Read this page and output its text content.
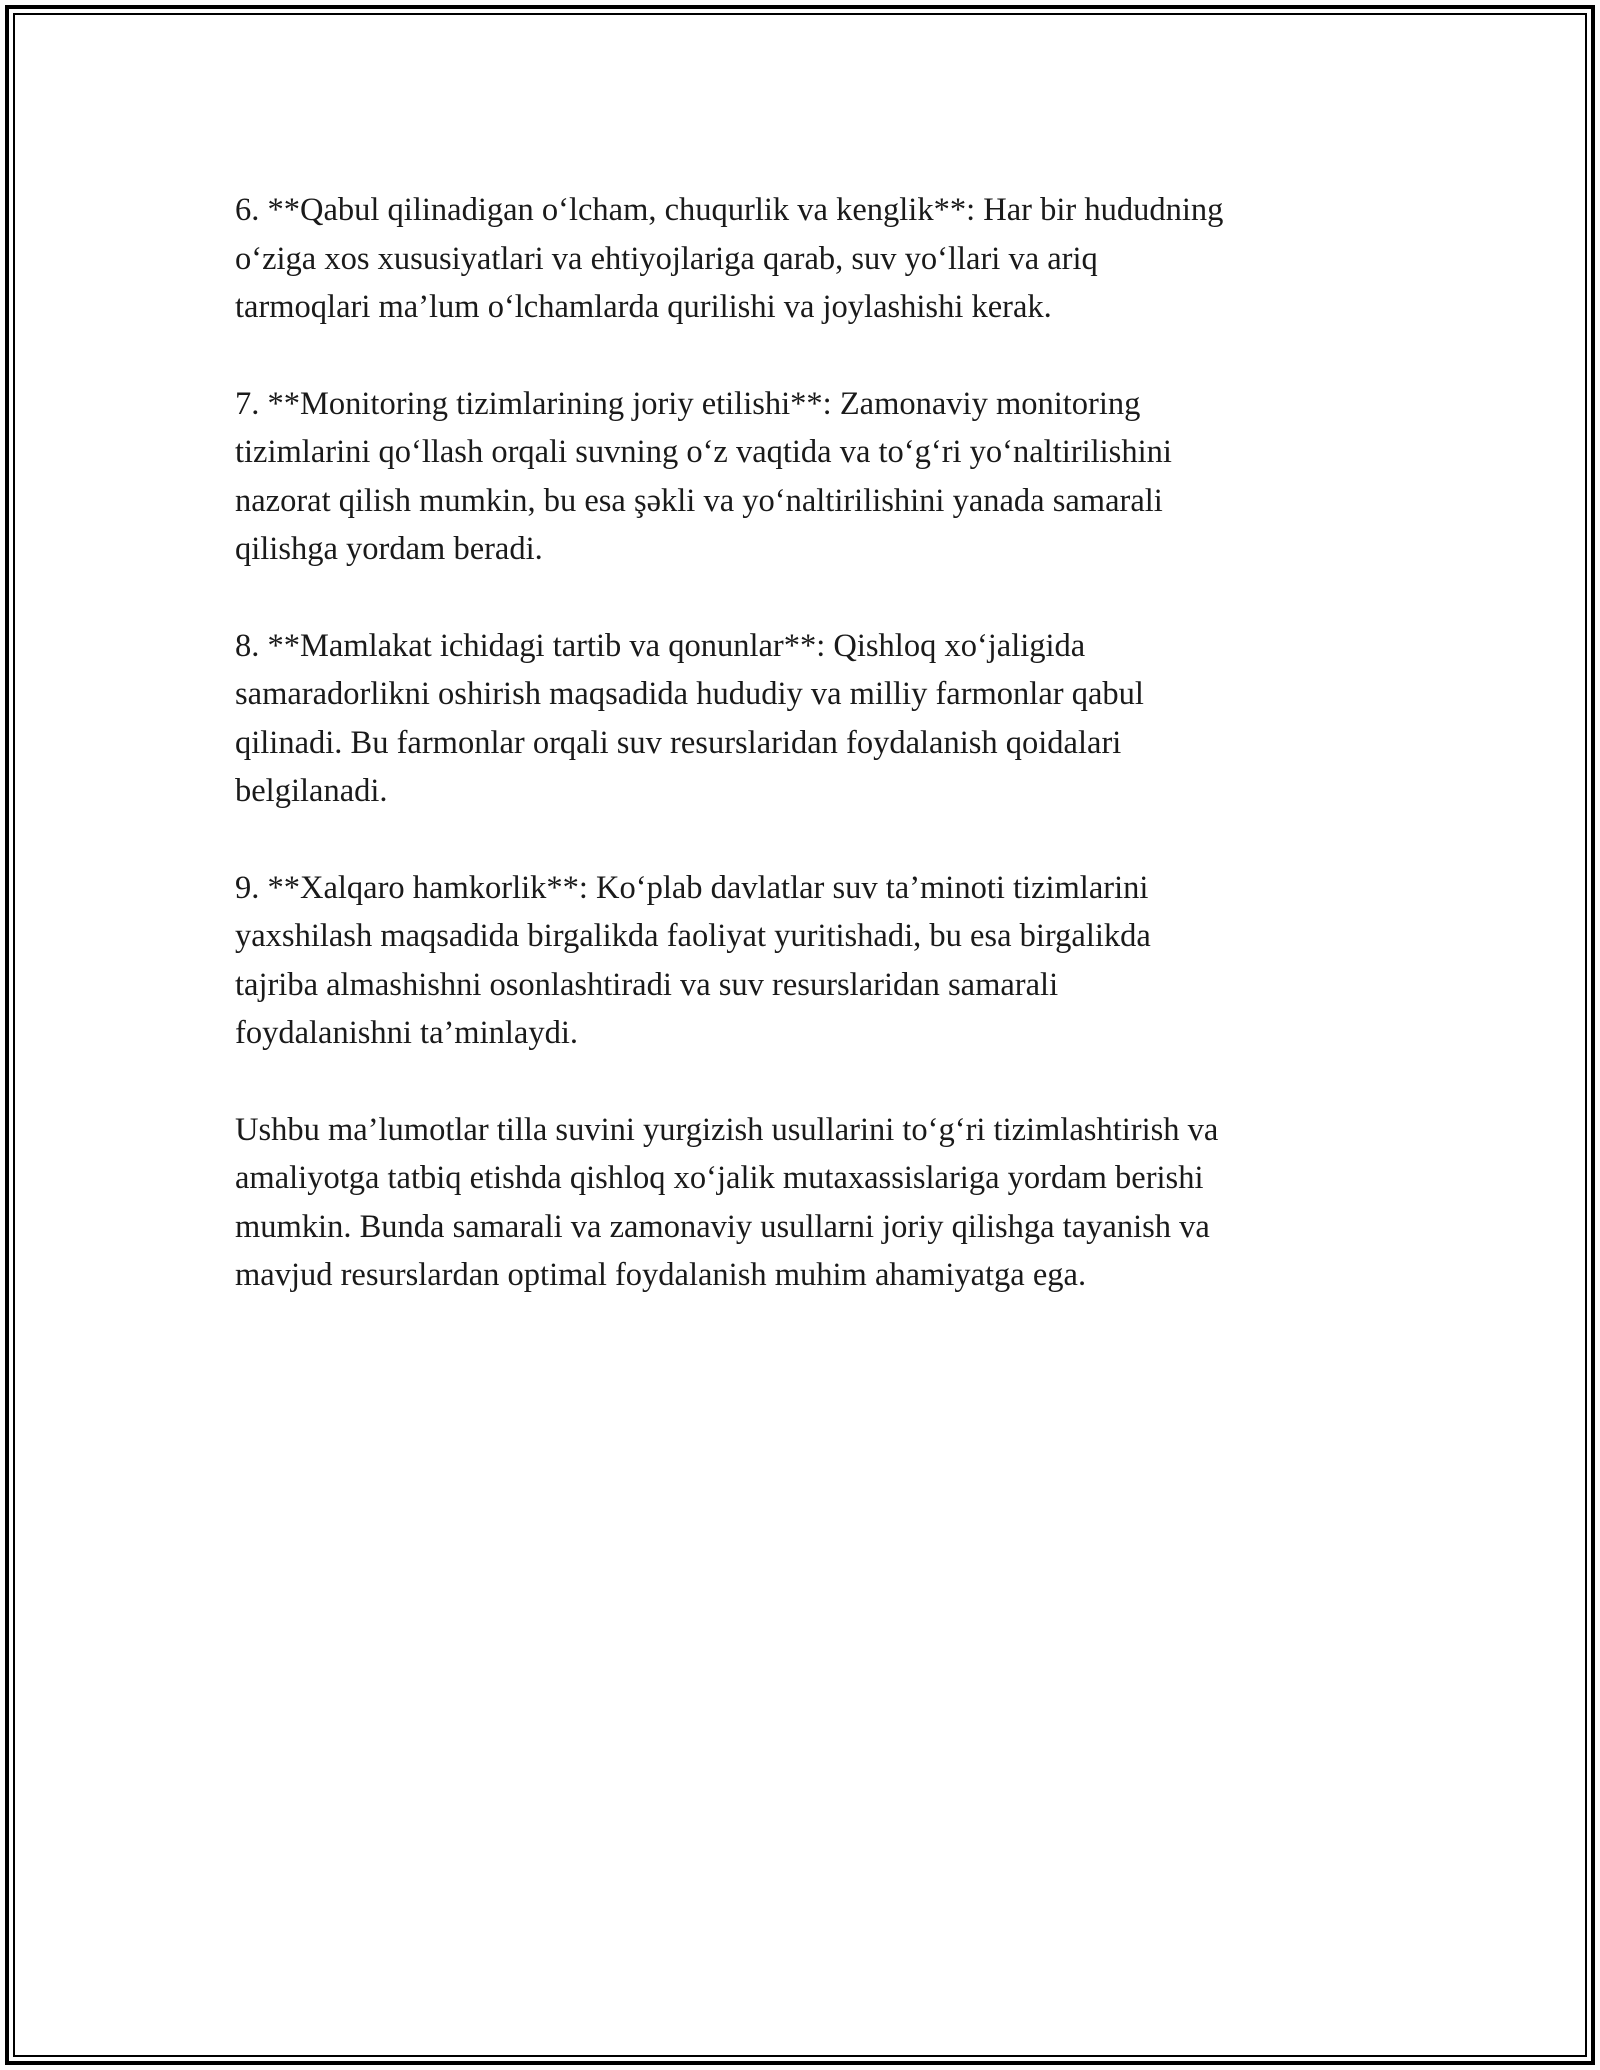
6. **Qabul qilinadigan o‘lcham, chuqurlik va kenglik**: Har bir hududning
o‘ziga xos xususiyatlari va ehtiyojlariga qarab, suv yo‘llari va ariq
tarmoqlari ma’lum o‘lchamlarda qurilishi va joylashishi kerak.
7. **Monitoring tizimlarining joriy etilishi**: Zamonaviy monitoring
tizimlarini qo‘llash orqali suvning o‘z vaqtida va to‘g‘ri yo‘naltirilishini
nazorat qilish mumkin, bu esa şəkli va yo‘naltirilishini yanada samarali
qilishga yordam beradi.
8. **Mamlakat ichidagi tartib va qonunlar**: Qishloq xo‘jaligida
samaradorlikni oshirish maqsadida hududiy va milliy farmonlar qabul
qilinadi. Bu farmonlar orqali suv resurslaridan foydalanish qoidalari
belgilanadi.
9. **Xalqaro hamkorlik**: Ko‘plab davlatlar suv ta’minoti tizimlarini
yaxshilash maqsadida birgalikda faoliyat yuritishadi, bu esa birgalikda
tajriba almashishni osonlashtiradi va suv resurslaridan samarali
foydalanishni ta’minlaydi.
Ushbu ma’lumotlar tilla suvini yurgizish usullarini to‘g‘ri tizimlashtirish va
amaliyotga tatbiq etishda qishloq xo‘jalik mutaxassislariga yordam berishi
mumkin. Bunda samarali va zamonaviy usullarni joriy qilishga tayanish va
mavjud resurslardan optimal foydalanish muhim ahamiyatga ega.
